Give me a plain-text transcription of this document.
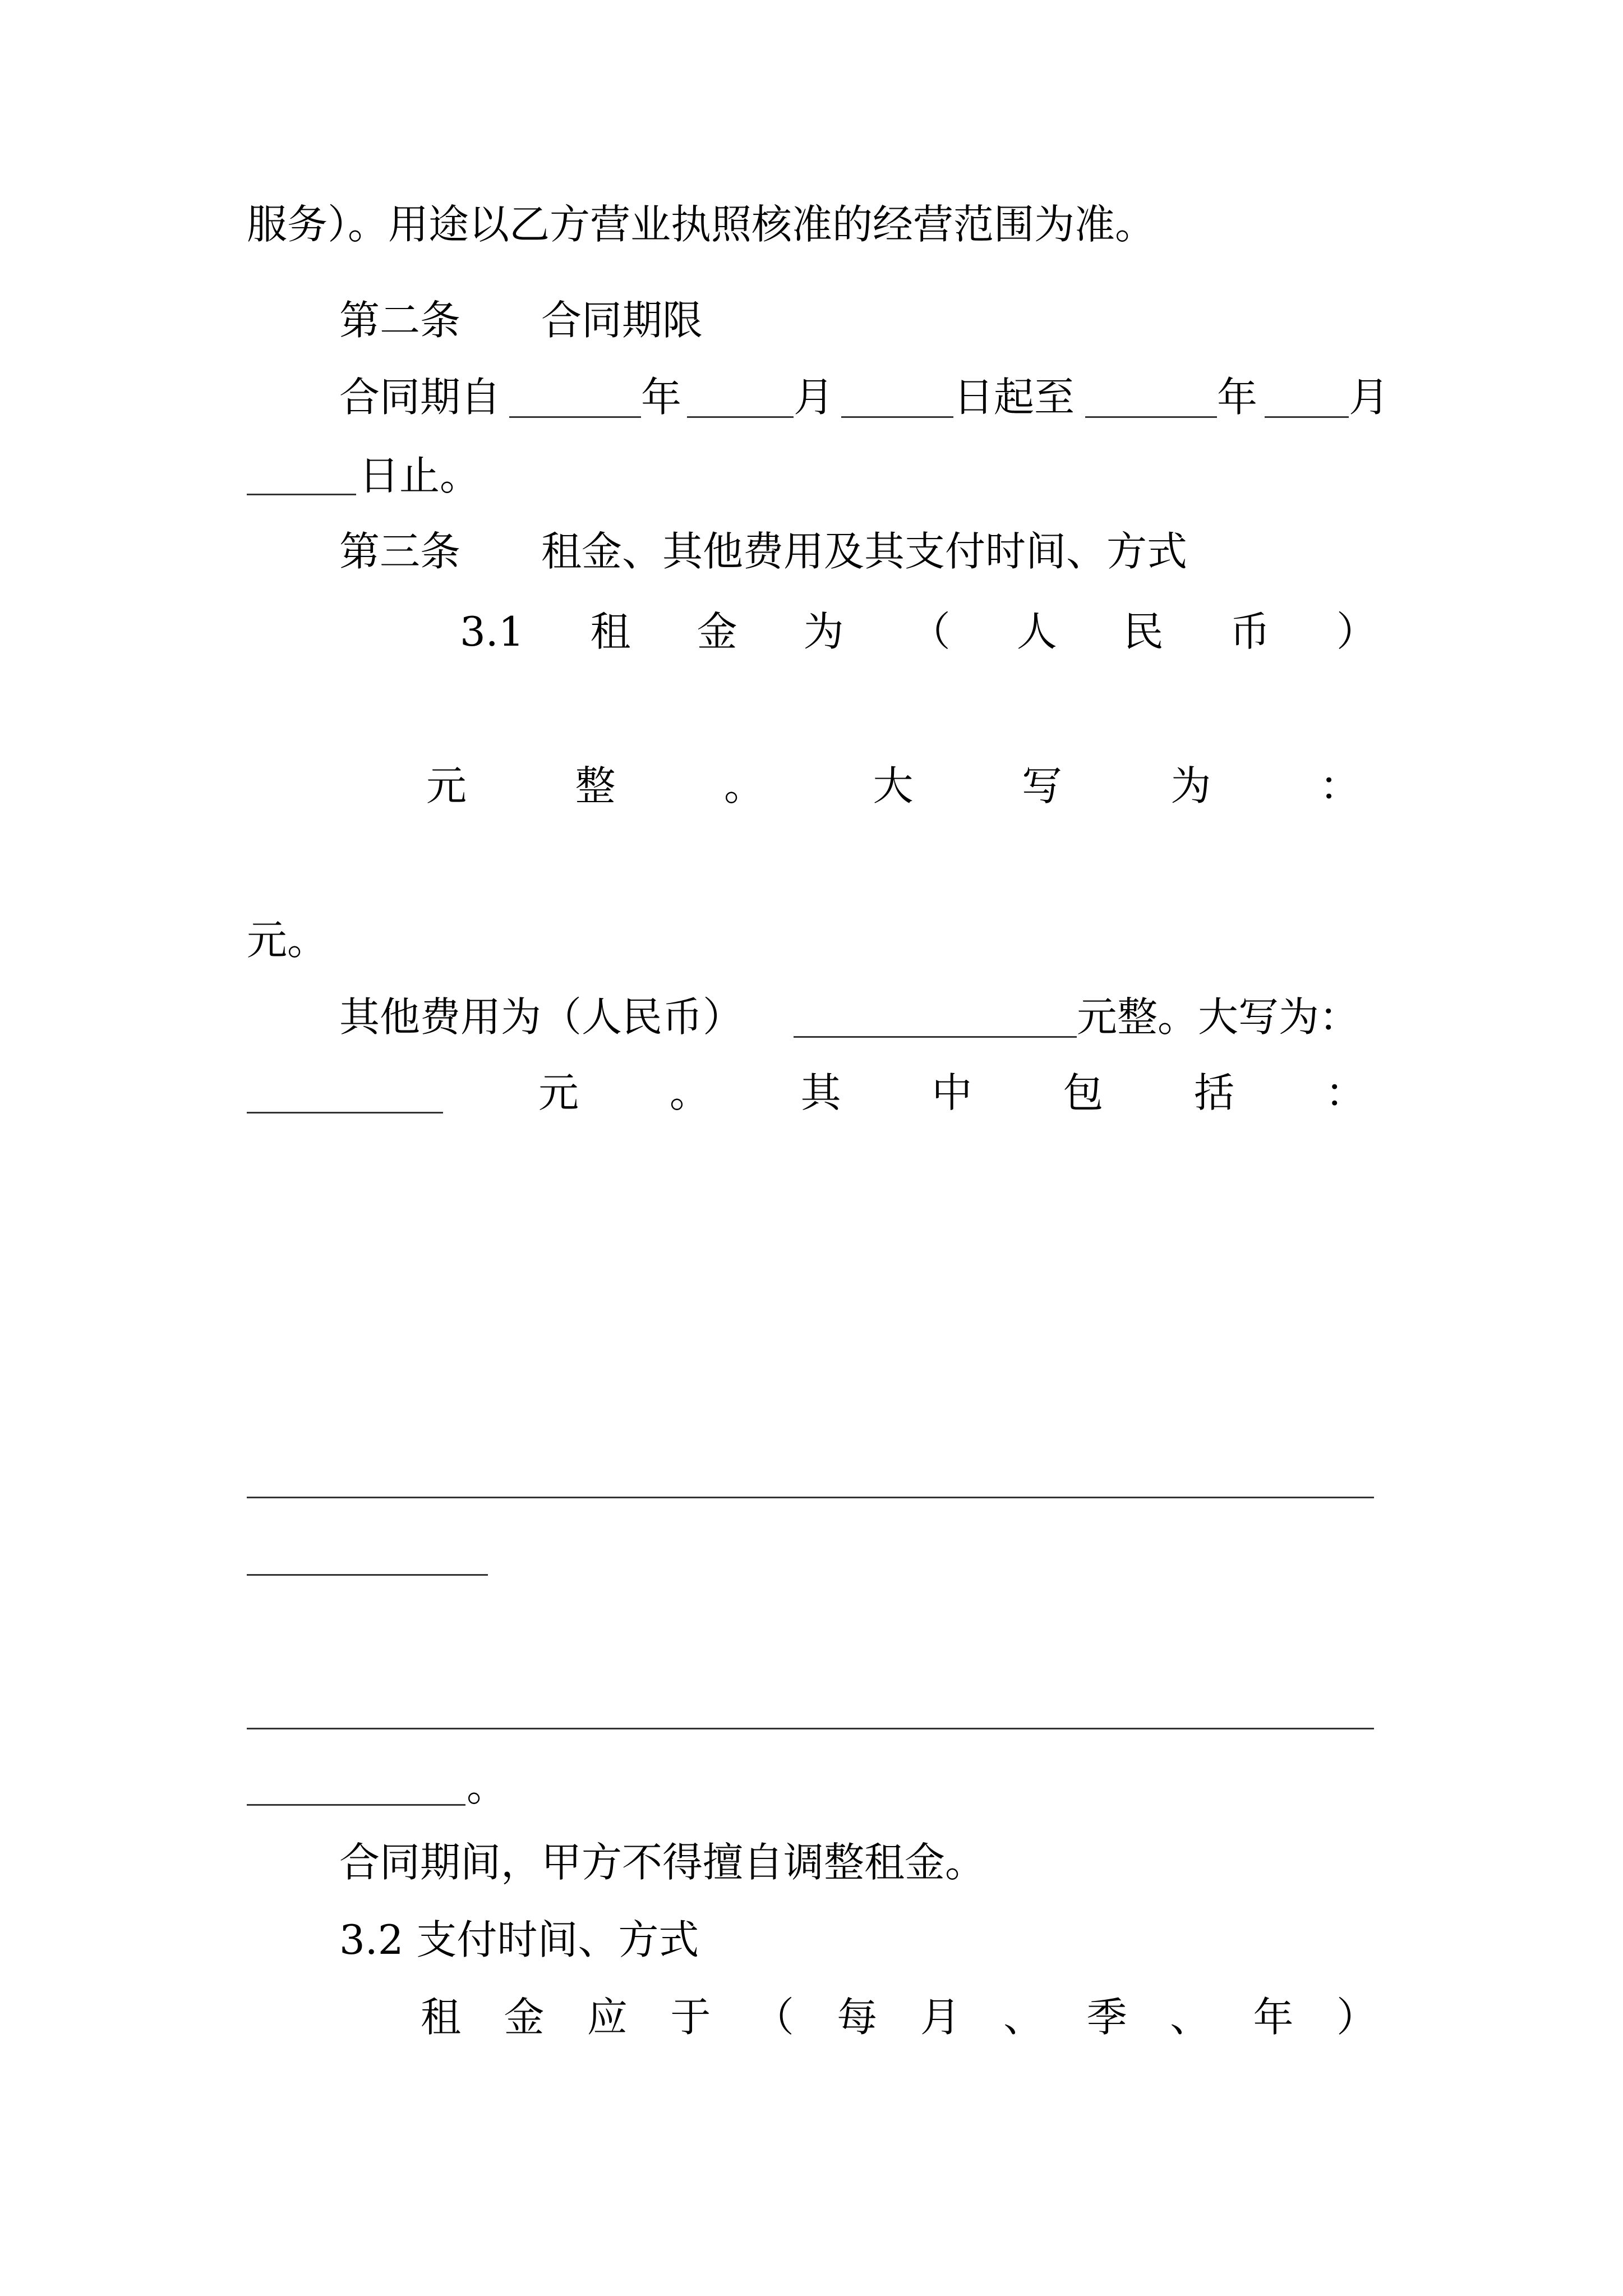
服务）。用途以乙方营业执照核准的经营范围为准。

第二条　　合同期限

合同期自	年	月	日起至	年 月
日止。

第三条　　租金、其他费用及其支付时间、方式

3.1 租 金 为 （ 人 民 币 ）
元	整	。	大	写	为	：

元。

其他费用为（人民币）	元整。大写为：
元 。 其 中 包 括 ：
。

合同期间，甲方不得擅自调整租金。

3.2 支付时间、方式

租 金 应 于 （ 每 月 、 季 、 年 ）
